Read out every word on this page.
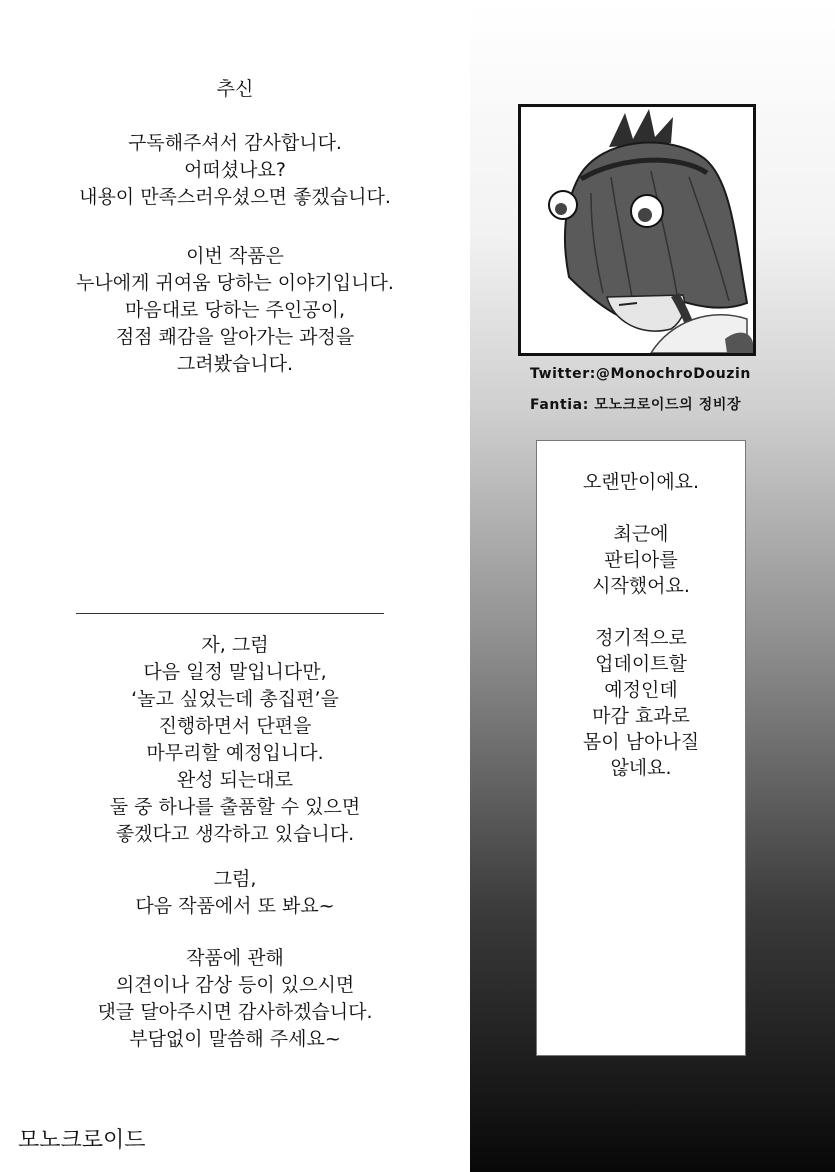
추신
구독해주셔서 감사합니다.
어떠셨나요?
내용이 만족스러우셨으면 좋겠습니다.
이번 작품은
누나에게 귀여움 당하는 이야기입니다.
마음대로 당하는 주인공이,
점점 쾌감을 알아가는 과정을
그려봤습니다.
자, 그럼
다음 일정 말입니다만,
‘놀고 싶었는데 총집편’을
진행하면서 단편을
마무리할 예정입니다.
완성 되는대로
둘 중 하나를 출품할 수 있으면
좋겠다고 생각하고 있습니다.
그럼,
다음 작품에서 또 봐요~
작품에 관해
의견이나 감상 등이 있으시면
댓글 달아주시면 감사하겠습니다.
부담없이 말씀해 주세요~
모노크로이드
Twitter:@MonochroDouzin
Fantia: 모노크로이드의 정비장
오랜만이에요.

최근에
판티아를
시작했어요.

정기적으로
업데이트할
예정인데
마감 효과로
몸이 남아나질
않네요.
